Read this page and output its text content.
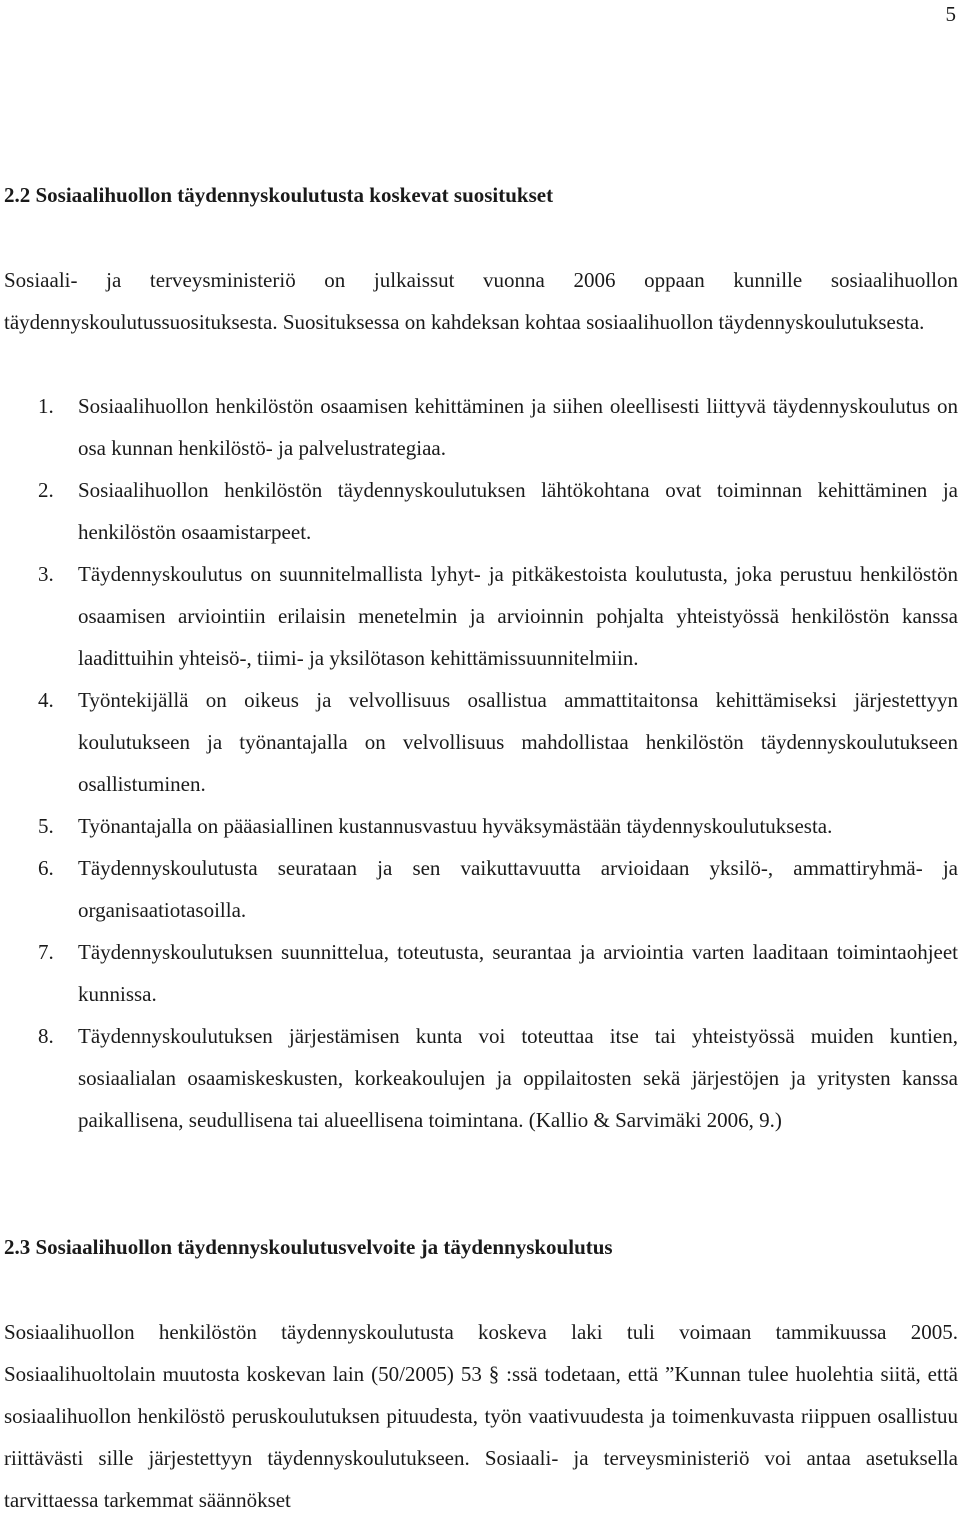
5
2.2 Sosiaalihuollon täydennyskoulutusta koskevat suositukset
Sosiaali- ja terveysministeriö on julkaissut vuonna 2006 oppaan kunnille sosiaalihuollon täydennyskoulutussuosituksesta. Suosituksessa on kahdeksan kohtaa sosiaalihuollon täydennyskoulutuksesta.
1. Sosiaalihuollon henkilöstön osaamisen kehittäminen ja siihen oleellisesti liittyvä täydennyskoulutus on osa kunnan henkilöstö- ja palvelustrategiaa.
2. Sosiaalihuollon henkilöstön täydennyskoulutuksen lähtökohtana ovat toiminnan kehittäminen ja henkilöstön osaamistarpeet.
3. Täydennyskoulutus on suunnitelmallista lyhyt- ja pitkäkestoista koulutusta, joka perustuu henkilöstön osaamisen arviointiin erilaisin menetelmin ja arvioinnin pohjalta yhteistyössä henkilöstön kanssa laadittuihin yhteisö-, tiimi- ja yksilötason kehittämissuunnitelmiin.
4. Työntekijällä on oikeus ja velvollisuus osallistua ammattitaitonsa kehittämiseksi järjestettyyn koulutukseen ja työnantajalla on velvollisuus mahdollistaa henkilöstön täydennyskoulutukseen osallistuminen.
5. Työnantajalla on pääasiallinen kustannusvastuu hyväksymästään täydennyskoulutuksesta.
6. Täydennyskoulutusta seurataan ja sen vaikuttavuutta arvioidaan yksilö-, ammattiryhmä- ja organisaatiotasoilla.
7. Täydennyskoulutuksen suunnittelua, toteutusta, seurantaa ja arviointia varten laaditaan toimintaohjeet kunnissa.
8. Täydennyskoulutuksen järjestämisen kunta voi toteuttaa itse tai yhteistyössä muiden kuntien, sosiaalialan osaamiskeskusten, korkeakoulujen ja oppilaitosten sekä järjestöjen ja yritysten kanssa paikallisena, seudullisena tai alueellisena toimintana. (Kallio & Sarvimäki 2006, 9.)
2.3 Sosiaalihuollon täydennyskoulutusvelvoite ja täydennyskoulutus
Sosiaalihuollon henkilöstön täydennyskoulutusta koskeva laki tuli voimaan tammikuussa 2005. Sosiaalihuoltolain muutosta koskevan lain (50/2005) 53 § :ssä todetaan, että ”Kunnan tulee huolehtia siitä, että sosiaalihuollon henkilöstö peruskoulutuksen pituudesta, työn vaativuudesta ja toimenkuvasta riippuen osallistuu riittävästi sille järjestettyyn täydennyskoulutukseen. Sosiaali- ja terveysministeriö voi antaa asetuksella tarvittaessa tarkemmat säännökset
